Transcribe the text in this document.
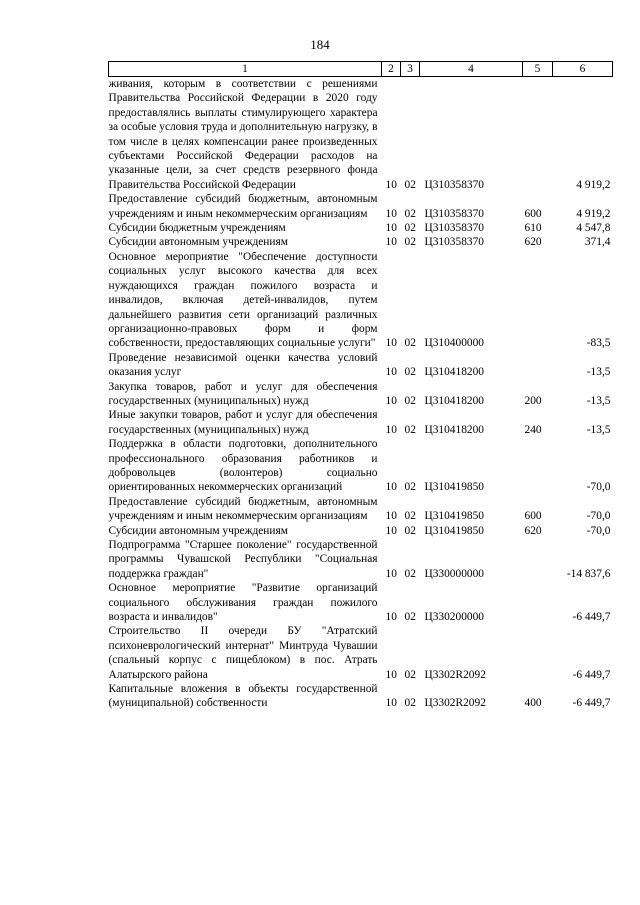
184
1	2	3	4	5	6
живания, которым в соответствии с решениями Правительства Российской Федерации в 2020 году предоставлялись выплаты стимулирующего характера за особые условия труда и дополнительную нагрузку, в том числе в целях компенсации ранее произведенных субъектами Российской Федерации расходов на указанные цели, за счет средств резервного фонда Правительства Российской Федерации	10	02	Ц310358370		4 919,2
Предоставление субсидий бюджетным, автономным учреждениям и иным некоммерческим организациям	10	02	Ц310358370	600	4 919,2
Субсидии бюджетным учреждениям	10	02	Ц310358370	610	4 547,8
Субсидии автономным учреждениям	10	02	Ц310358370	620	371,4
Основное мероприятие "Обеспечение доступности социальных услуг высокого качества для всех нуждающихся граждан пожилого возраста и инвалидов, включая детей-инвалидов, путем дальнейшего развития сети организаций различных организационно-правовых форм и форм собственности, предоставляющих социальные услуги"	10	02	Ц310400000		-83,5
Проведение независимой оценки качества условий оказания услуг	10	02	Ц310418200		-13,5
Закупка товаров, работ и услуг для обеспечения государственных (муниципальных) нужд	10	02	Ц310418200	200	-13,5
Иные закупки товаров, работ и услуг для обеспечения государственных (муниципальных) нужд	10	02	Ц310418200	240	-13,5
Поддержка в области подготовки, дополнительного профессионального образования работников и добровольцев (волонтеров) социально ориентированных некоммерческих организаций	10	02	Ц310419850		-70,0
Предоставление субсидий бюджетным, автономным учреждениям и иным некоммерческим организациям	10	02	Ц310419850	600	-70,0
Субсидии автономным учреждениям	10	02	Ц310419850	620	-70,0
Подпрограмма "Старшее поколение" государственной программы Чувашской Республики "Социальная поддержка граждан"	10	02	Ц330000000		-14 837,6
Основное мероприятие "Развитие организаций социального обслуживания граждан пожилого возраста и инвалидов"	10	02	Ц330200000		-6 449,7
Строительство II очереди БУ "Атратский психоневрологический интернат" Минтруда Чувашии (спальный корпус с пищеблоком) в пос. Атрать Алатырского района	10	02	Ц3302R2092		-6 449,7
Капитальные вложения в объекты государственной (муниципальной) собственности	10	02	Ц3302R2092	400	-6 449,7
